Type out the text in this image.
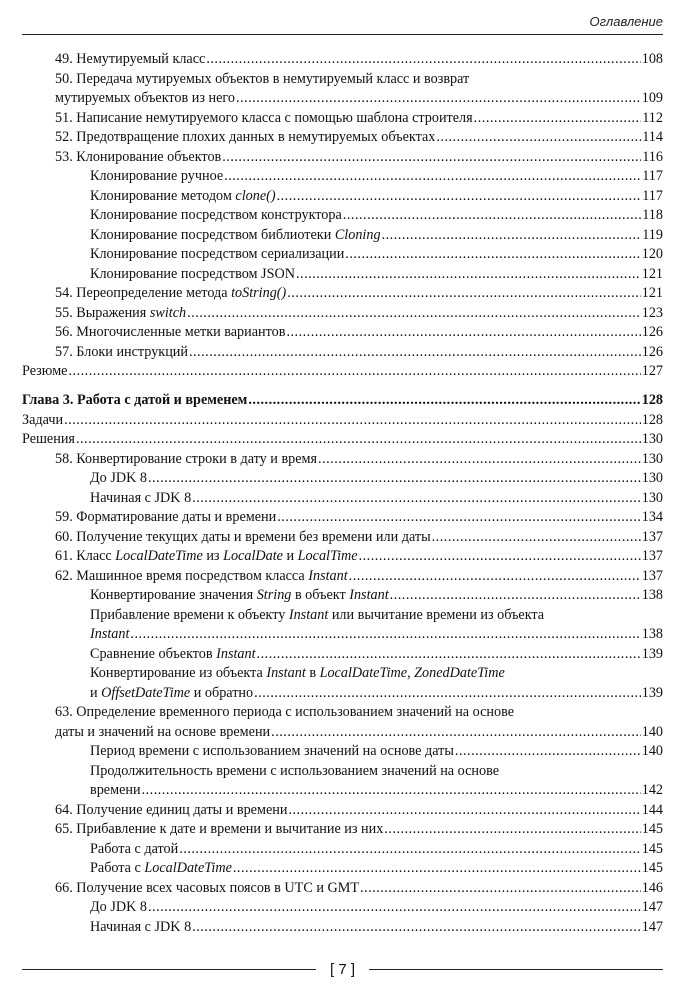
Оглавление
49. Немутируемый класс .....	108
50. Передача мутируемых объектов в немутируемый класс и возврат
мутируемых объектов из него .....	109
51. Написание немутируемого класса с помощью шаблона строителя .....	112
52. Предотвращение плохих данных в немутируемых объектах .....	114
53. Клонирование объектов .....	116
Клонирование ручное .....	117
Клонирование методом clone() .....	117
Клонирование посредством конструктора .....	118
Клонирование посредством библиотеки Cloning .....	119
Клонирование посредством сериализации .....	120
Клонирование посредством JSON .....	121
54. Переопределение метода toString() .....	121
55. Выражения switch .....	123
56. Многочисленные метки вариантов .....	126
57. Блоки инструкций .....	126
Резюме .....	127
Глава 3. Работа с датой и временем .....	128
Задачи .....	128
Решения .....	130
58. Конвертирование строки в дату и время .....	130
До JDK 8 .....	130
Начиная с JDK 8 .....	130
59. Форматирование даты и времени .....	134
60. Получение текущих даты и времени без времени или даты .....	137
61. Класс LocalDateTime из LocalDate и LocalTime .....	137
62. Машинное время посредством класса Instant .....	137
Конвертирование значения String в объект Instant .....	138
Прибавление времени к объекту Instant или вычитание времени из объекта
Instant .....	138
Сравнение объектов Instant .....	139
Конвертирование из объекта Instant в LocalDateTime, ZonedDateTime
и OffsetDateTime и обратно .....	139
63. Определение временного периода с использованием значений на основе
даты и значений на основе времени .....	140
Период времени с использованием значений на основе даты .....	140
Продолжительность времени с использованием значений на основе
времени .....	142
64. Получение единиц даты и времени .....	144
65. Прибавление к дате и времени и вычитание из них .....	145
Работа с датой .....	145
Работа с LocalDateTime .....	145
66. Получение всех часовых поясов в UTC и GMT .....	146
До JDK 8 .....	147
Начиная с JDK 8 .....	147
[ 7 ]
